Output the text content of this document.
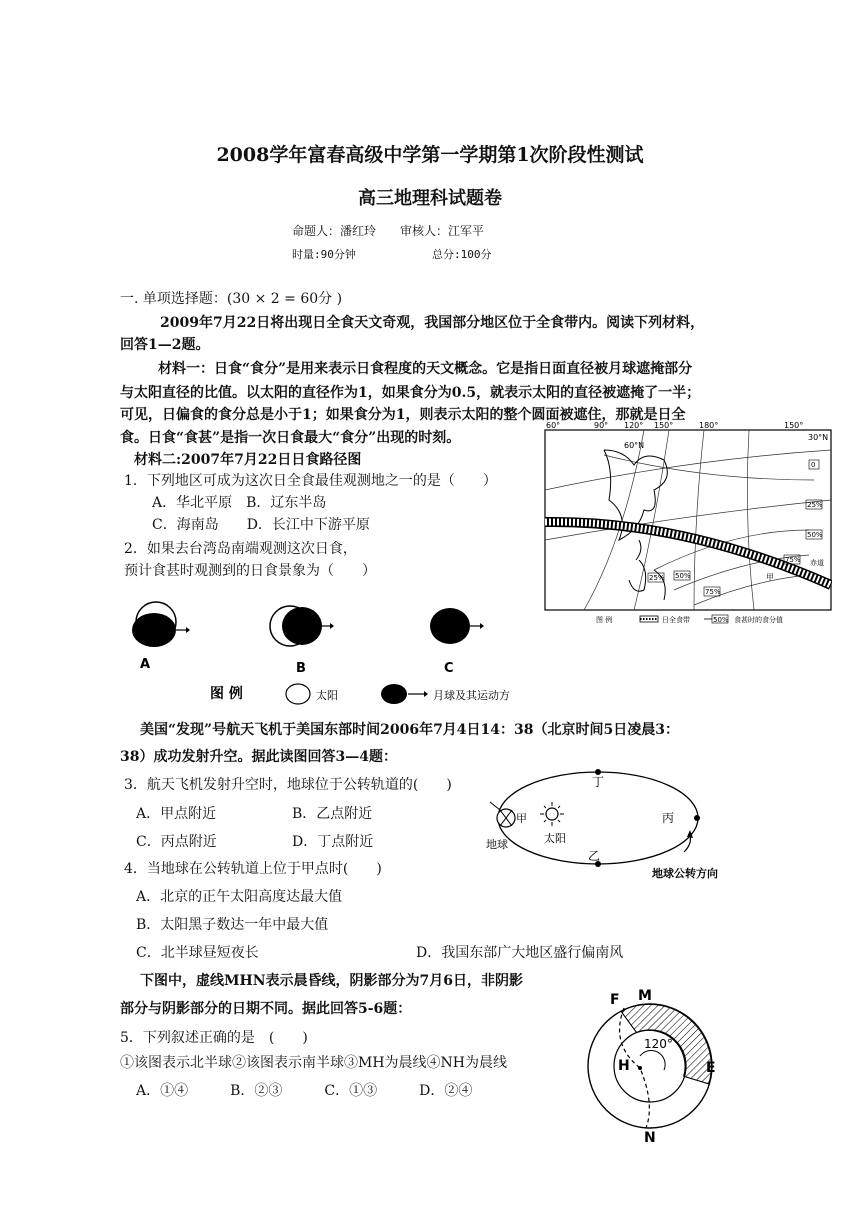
2008学年富春高级中学第一学期第1次阶段性测试
高三地理科试题卷
命题人：潘红玲　　审核人：江军平
时量:90分钟	总分:100分
一. 单项选择题：(30 × 2 = 60分 )
2009年7月22日将出现日全食天文奇观，我国部分地区位于全食带内。阅读下列材料，
回答1—2题。
材料一：日食“食分”是用来表示日食程度的天文概念。它是指日面直径被月球遮掩部分
与太阳直径的比值。以太阳的直径作为1，如果食分为0.5，就表示太阳的直径被遮掩了一半；
可见，日偏食的食分总是小于1；如果食分为1，则表示太阳的整个圆面被遮住，那就是日全
食。日食“食甚”是指一次日食最大“食分”出现的时刻。
材料二:2007年7月22日日食路径图
1．下列地区可成为这次日全食最佳观测地之一的是（　　）
A．华北平原　B．辽东半岛
C．海南岛　　D．长江中下游平原
2．如果去台湾岛南端观测这次日食，
预计食甚时观测到的日食景象为（　　）
60°	90° 120° 150°	180°	150°
60°N
30°N
0
25%
50%
75%
25% 50%
75%
甲
赤道
图 例	日全食带	50% 食甚时的食分值
A	B	C
图 例	太阳	月球及其运动方
美国“发现”号航天飞机于美国东部时间2006年7月4日14：38（北京时间5日凌晨3：
38）成功发射升空。据此读图回答3—4题：
3．航天飞机发射升空时，地球位于公转轨道的(　　)
A．甲点附近	B．乙点附近
C．丙点附近	D．丁点附近
丁
甲	丙
乙
太阳
地球
地球公转方向
4．当地球在公转轨道上位于甲点时(　　)
A．北京的正午太阳高度达最大值
B．太阳黑子数达一年中最大值
C．北半球昼短夜长	D．我国东部广大地区盛行偏南风
下图中，虚线MHN表示晨昏线，阴影部分为7月6日，非阴影
部分与阴影部分的日期不同。据此回答5-6题：
5．下列叙述正确的是　(　　)
①该图表示北半球②该图表示南半球③MH为晨线④NH为晨线
A．①④　　　B．②③　　　C．①③　　　D．②④
F M
H	E
N
120°
